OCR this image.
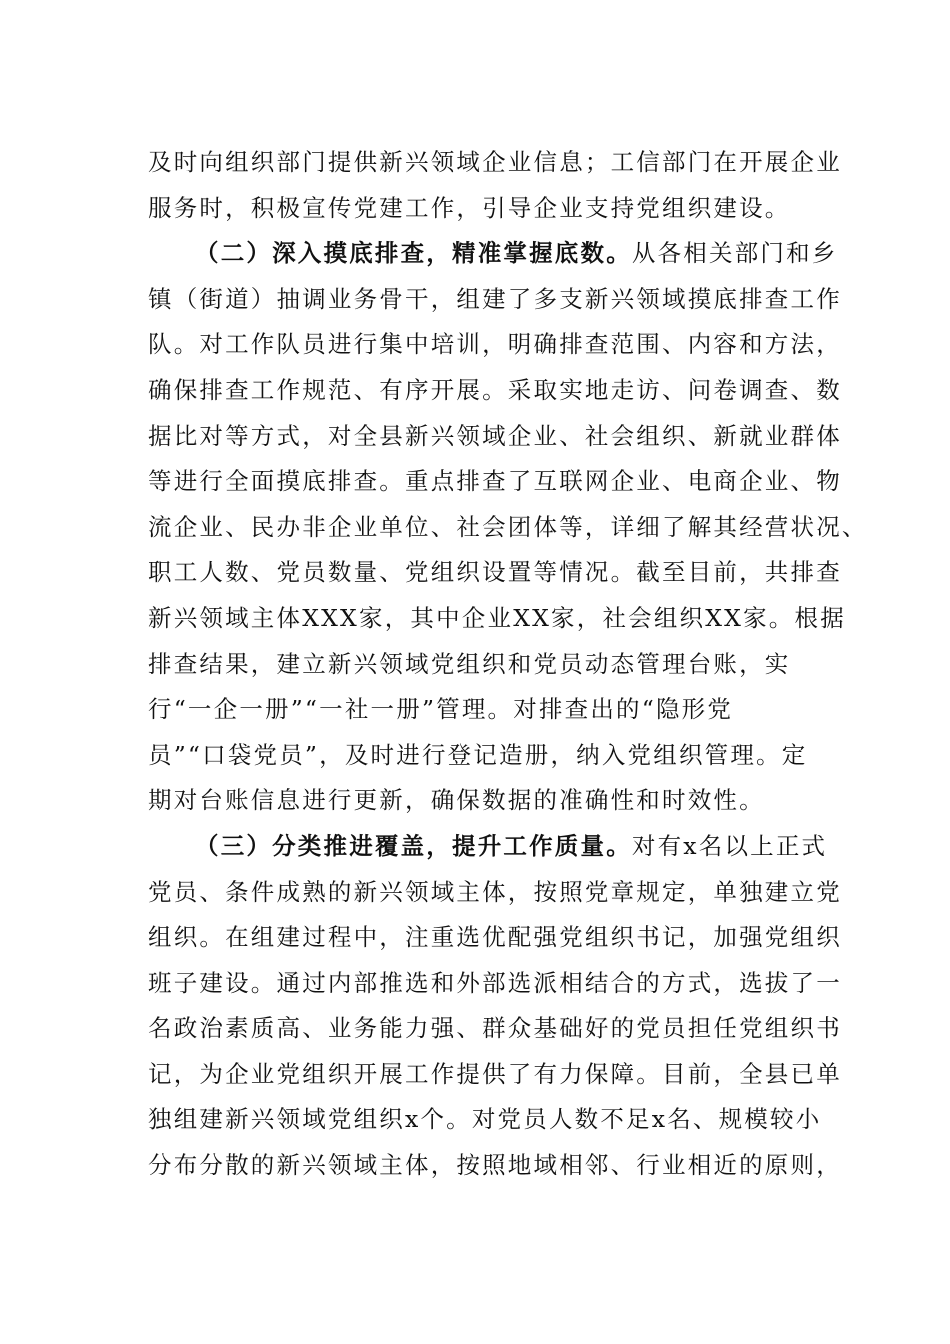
及时向组织部门提供新兴领域企业信息；工信部门在开展企业
服务时，积极宣传党建工作，引导企业支持党组织建设。
（二）深入摸底排查，精准掌握底数。从各相关部门和乡
镇（街道）抽调业务骨干，组建了多支新兴领域摸底排查工作
队。对工作队员进行集中培训，明确排查范围、内容和方法，
确保排查工作规范、有序开展。采取实地走访、问卷调查、数
据比对等方式，对全县新兴领域企业、社会组织、新就业群体
等进行全面摸底排查。重点排查了互联网企业、电商企业、物
流企业、民办非企业单位、社会团体等，详细了解其经营状况、
职工人数、党员数量、党组织设置等情况。截至目前，共排查
新兴领域主体XXX家，其中企业XX家，社会组织XX家。根据
排查结果，建立新兴领域党组织和党员动态管理台账，实
行“一企一册”“一社一册”管理。对排查出的“隐形党
员”“口袋党员”，及时进行登记造册，纳入党组织管理。定
期对台账信息进行更新，确保数据的准确性和时效性。
（三）分类推进覆盖，提升工作质量。对有x名以上正式
党员、条件成熟的新兴领域主体，按照党章规定，单独建立党
组织。在组建过程中，注重选优配强党组织书记，加强党组织
班子建设。通过内部推选和外部选派相结合的方式，选拔了一
名政治素质高、业务能力强、群众基础好的党员担任党组织书
记，为企业党组织开展工作提供了有力保障。目前，全县已单
独组建新兴领域党组织x个。对党员人数不足x名、规模较小
分布分散的新兴领域主体，按照地域相邻、行业相近的原则，
